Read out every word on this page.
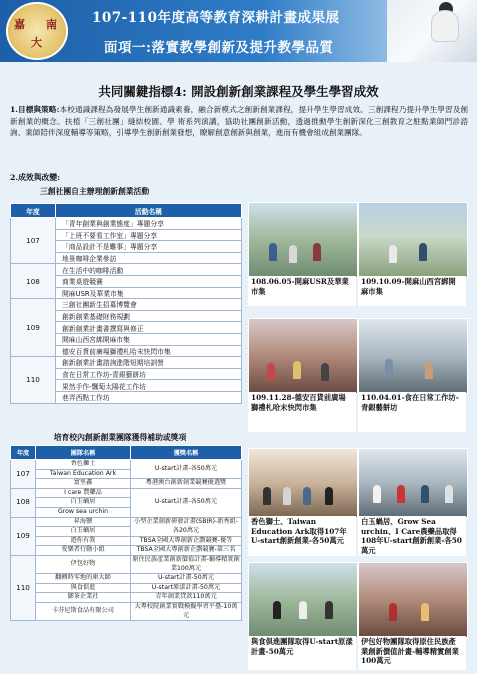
嘉 南
大
107-110年度高等教育深耕計畫成果展
面項一:落實教學創新及提升教學品質
共同關鍵指標4: 開設創新創業課程及學生學習成效
1.目標與策略:本校通識課程為發展學生創新通識素養，融合新模式之創新創業課程，提升學生學習成效。三創課程乃提升學生學習及創新創業的概念。扶植「三創社團」縫結校園、學 術系列演講，協助社團創新活動，透過推動學生創新深化三創教育之駐點業師門診諮詢、業師陪伴深度輔導等策略，引導學生創新創業發想，瞭解創意創新與創業，進而有機會組成創業團隊。
2.成效與改變:
三創社團自主辦理創新創業活動
年度	活動名稱
107	「青年創業與創業態度」專題分享
	「上班不要看工作室」專題分享
	「商品設計不是難事」專題分享
	地景咖啡企業參訪
108	在生活中的咖啡活動
	商業桌遊競賽
	開麻USR及華業市集
109	三創社團新生招募博覽會
	創新創業基礎財務規劃
	創新創業計畫書撰寫與修正
	開麻山西宮綁開麻市集
	德安百貨前廣場獅禮札哈末快閃市集
110	創新創業計畫諮詢進階短期培訓營
	食在日常工作坊-青銀藝餅坊
	果然手作-飄萄太陽花工作坊
	巷弄西點工作坊
培育校內創新創業團隊獲得補助或獎項
年度	團隊名稱	獲獎名稱
107	香色獅士	U-start計畫-各50萬元
	Taiwan Education Ark	
	富里鑫	粵港澳台創新創業競賽優選獎
108	I care 農藥品	U-start計畫-各50萬元
	白玉蝸居	
	Grow sea urchin	
109	昇海鹽	小型企業創新研發計畫(SBIR)-新秀組-各20萬元
	白玉蝸居	
	遊你有我	TBSA全國大專創新企劃競賽-優等
	愛樂者行動小組	TBSA全國大專創新企劃競賽-第三名
110	伊包好物	原住民族產業創新價值計畫-輔導精實創業100萬元
	翻轉時零地的庫大師	U-start計畫-50萬元
	與食俱進	U-start原漾計畫-50萬元
	御茶企業社	青年創業貸款110萬元
	卡芬尼斯食品有限公司	大專校院創業實戰模擬學習平臺-10萬元
108.06.05-開麻USR及華業市集
109.10.09-開麻山西宮綁開麻市集
109.11.28-德安百貨前廣場獅禮札哈末快閃市集
110.04.01-食在日常工作坊-青銀藝餅坊
香色獅士、Taiwan Education Ark取得107年U-start創新創業-各50萬元
白玉蝸居、Grow Sea urchin、I Care農藥品取得108年U-start創新創業-各50萬元
與食俱進團隊取得U-start原漾計畫-50萬元
伊包好物團隊取得原住民族產業創新價值計畫-輔導精實創業100萬元
